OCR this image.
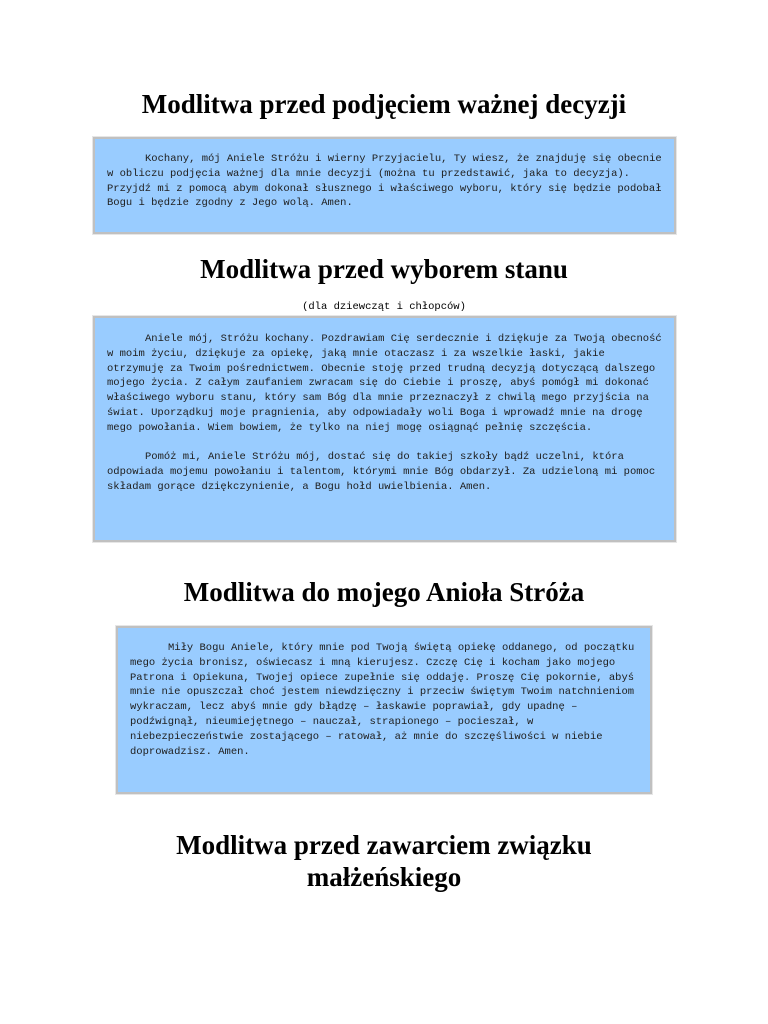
Modlitwa przed podjęciem ważnej decyzji

Kochany, mój Aniele Stróżu i wierny Przyjacielu, Ty wiesz, że znajduję się obecnie w obliczu podjęcia ważnej dla mnie decyzji (można tu przedstawić, jaka to decyzja). Przyjdź mi z pomocą abym dokonał słusznego i właściwego wyboru, który się będzie podobał Bogu i będzie zgodny z Jego wolą. Amen.

Modlitwa przed wyborem stanu
(dla dziewcząt i chłopców)

Aniele mój, Stróżu kochany. Pozdrawiam Cię serdecznie i dziękuje za Twoją obecność w moim życiu, dziękuje za opiekę, jaką mnie otaczasz i za wszelkie łaski, jakie otrzymuję za Twoim pośrednictwem. Obecnie stoję przed trudną decyzją dotyczącą dalszego mojego życia. Z całym zaufaniem zwracam się do Ciebie i proszę, abyś pomógł mi dokonać właściwego wyboru stanu, który sam Bóg dla mnie przeznaczył z chwilą mego przyjścia na świat. Uporządkuj moje pragnienia, aby odpowiadały woli Boga i wprowadź mnie na drogę mego powołania. Wiem bowiem, że tylko na niej mogę osiągnąć pełnię szczęścia.

Pomóż mi, Aniele Stróżu mój, dostać się do takiej szkoły bądź uczelni, która odpowiada mojemu powołaniu i talentom, którymi mnie Bóg obdarzył. Za udzieloną mi pomoc składam gorące dziękczynienie, a Bogu hołd uwielbienia. Amen.

Modlitwa do mojego Anioła Stróża

Miły Bogu Aniele, który mnie pod Twoją świętą opiekę oddanego, od początku mego życia bronisz, oświecasz i mną kierujesz. Czczę Cię i kocham jako mojego Patrona i Opiekuna, Twojej opiece zupełnie się oddaję. Proszę Cię pokornie, abyś mnie nie opuszczał choć jestem niewdzięczny i przeciw świętym Twoim natchnieniom wykraczam, lecz abyś mnie gdy błądzę – łaskawie poprawiał, gdy upadnę – podźwignął, nieumiejętnego – nauczał, strapionego – pocieszał, w niebezpieczeństwie zostającego – ratował, aż mnie do szczęśliwości w niebie doprowadzisz. Amen.

Modlitwa przed zawarciem związku małżeńskiego
